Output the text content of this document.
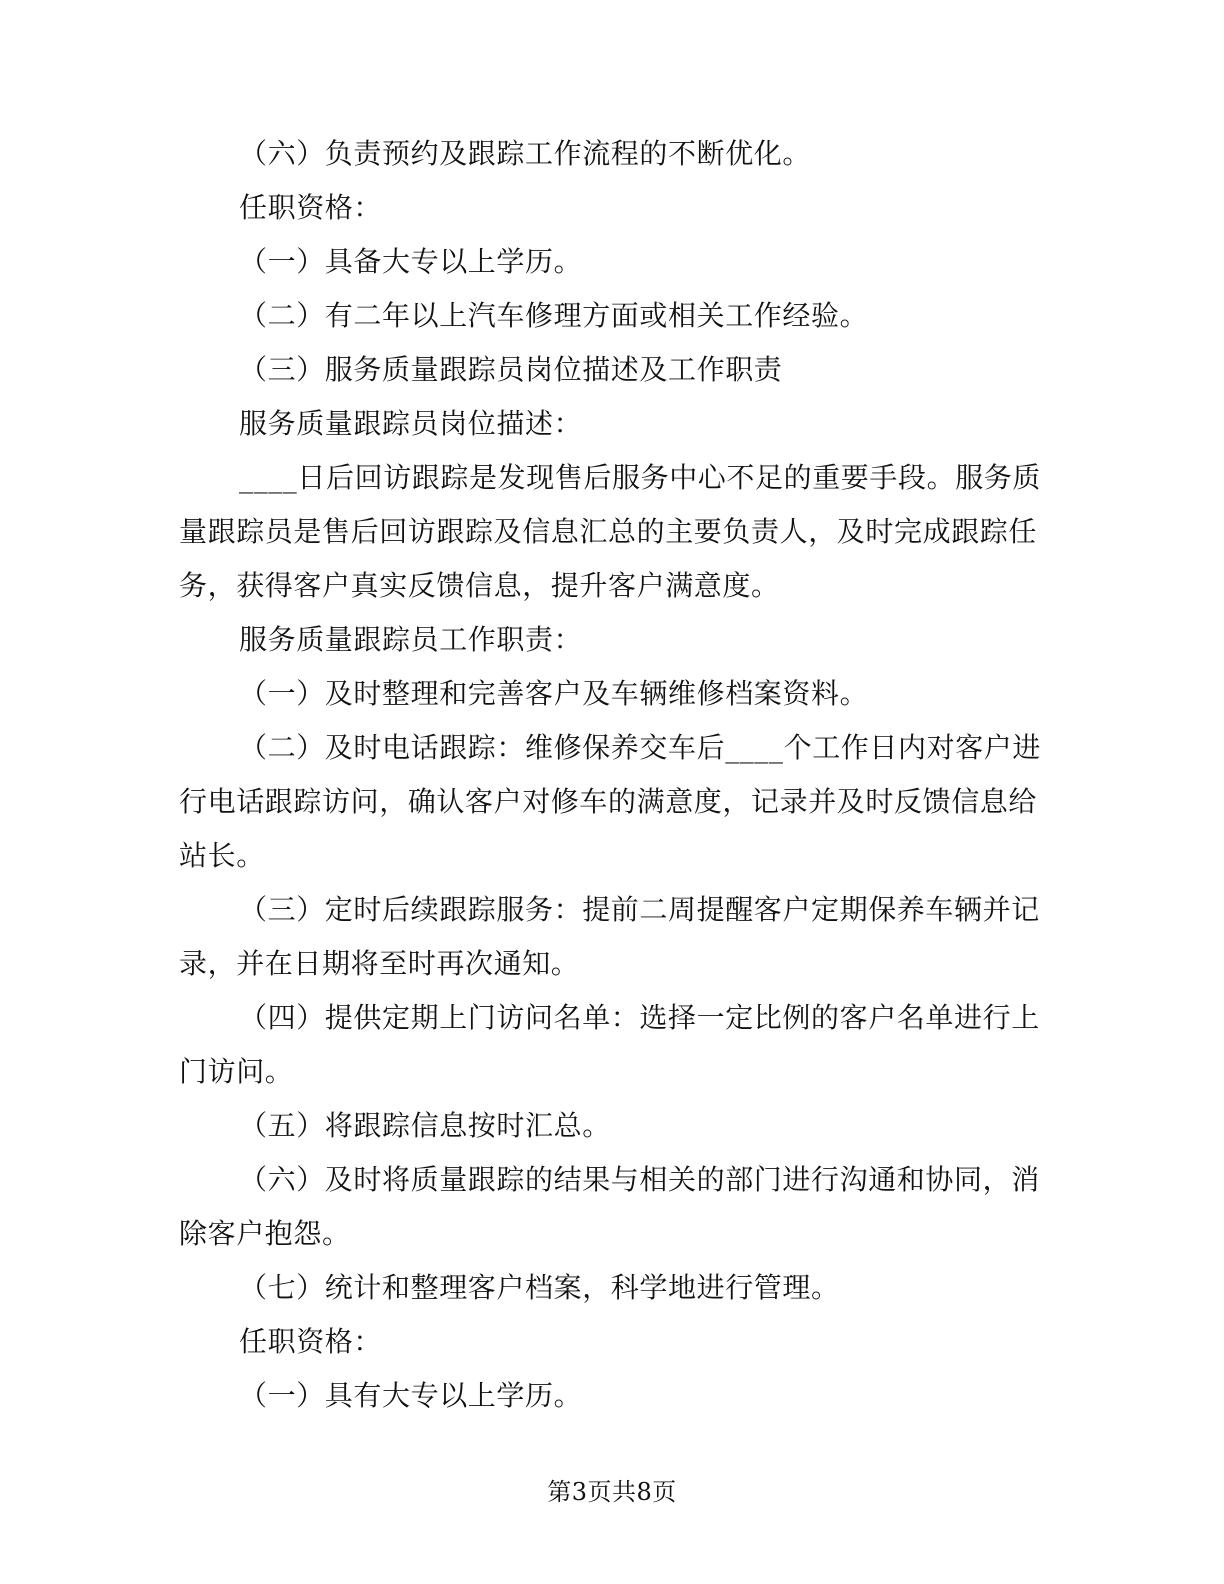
（六）负责预约及跟踪工作流程的不断优化。

任职资格：

（一）具备大专以上学历。

（二）有二年以上汽车修理方面或相关工作经验。

（三）服务质量跟踪员岗位描述及工作职责

服务质量跟踪员岗位描述：

____日后回访跟踪是发现售后服务中心不足的重要手段。服务质量跟踪员是售后回访跟踪及信息汇总的主要负责人，及时完成跟踪任务，获得客户真实反馈信息，提升客户满意度。

服务质量跟踪员工作职责：

（一）及时整理和完善客户及车辆维修档案资料。

（二）及时电话跟踪：维修保养交车后____个工作日内对客户进行电话跟踪访问，确认客户对修车的满意度，记录并及时反馈信息给站长。

（三）定时后续跟踪服务：提前二周提醒客户定期保养车辆并记录，并在日期将至时再次通知。

（四）提供定期上门访问名单：选择一定比例的客户名单进行上门访问。

（五）将跟踪信息按时汇总。

（六）及时将质量跟踪的结果与相关的部门进行沟通和协同，消除客户抱怨。

（七）统计和整理客户档案，科学地进行管理。

任职资格：

（一）具有大专以上学历。

第3页共8页
